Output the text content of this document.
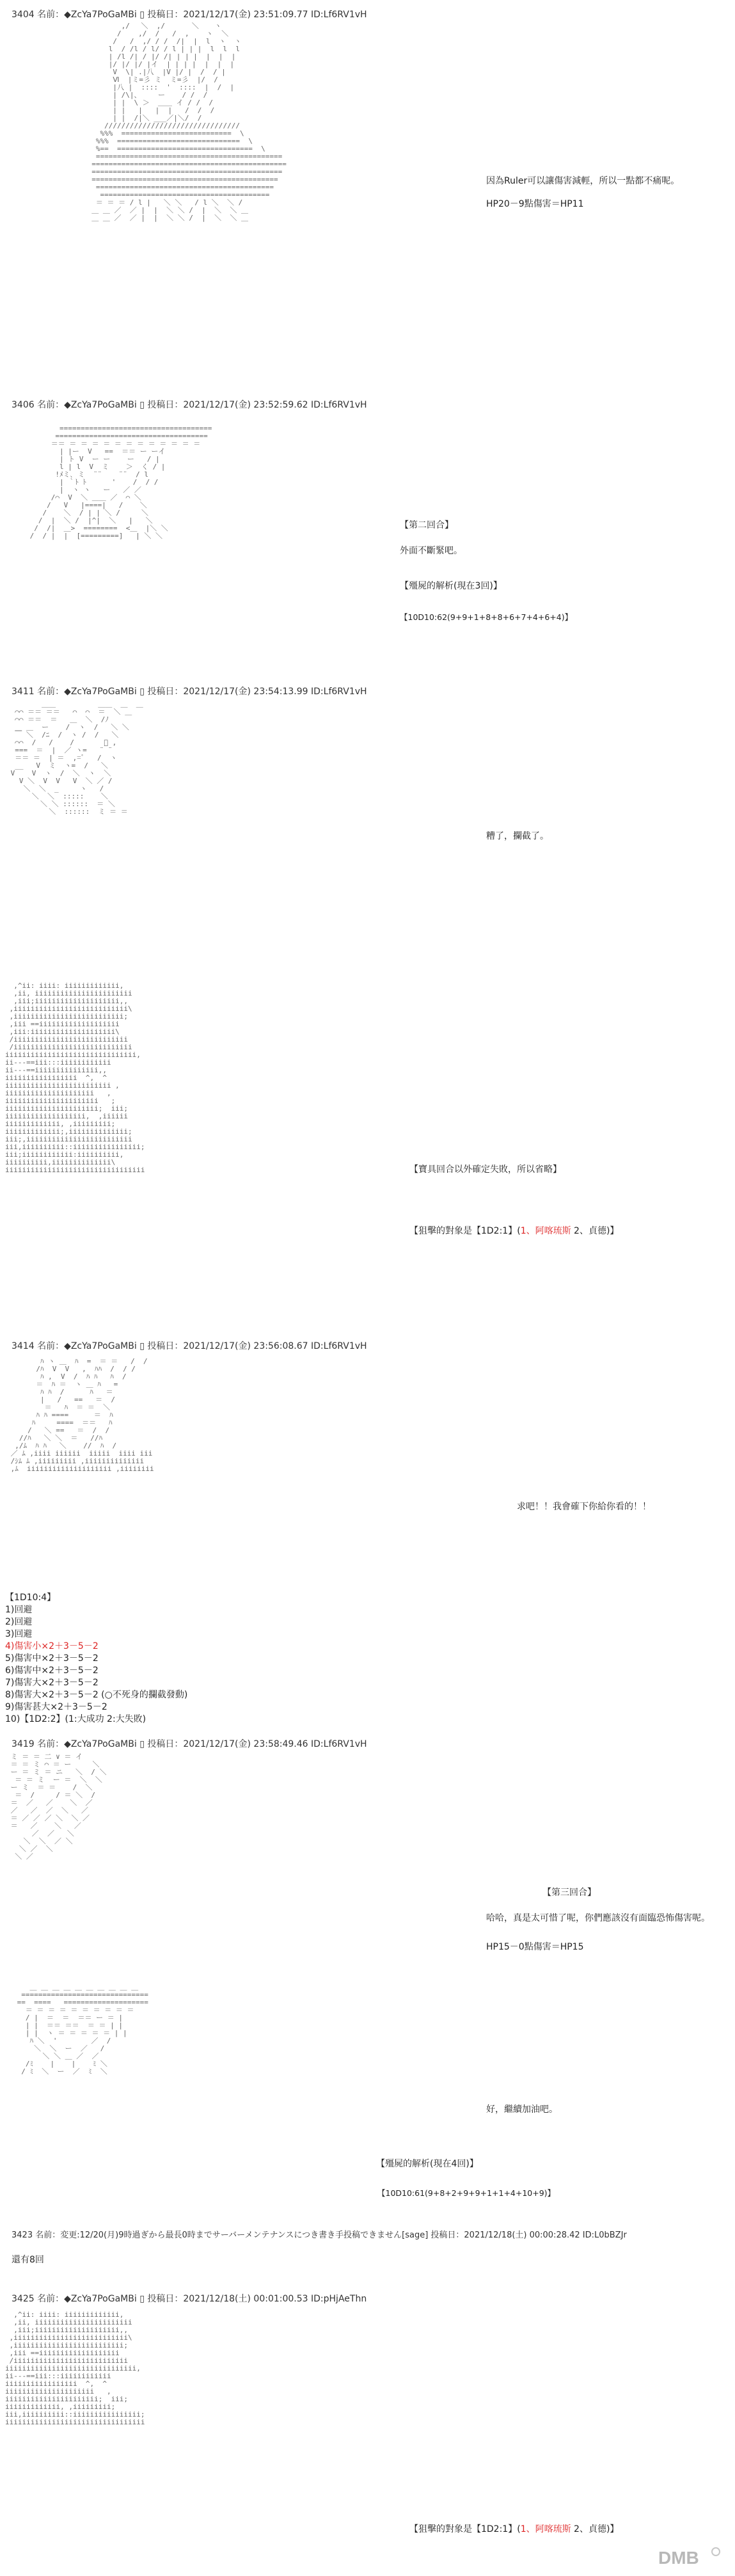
3404 名前：◆ZcYa7PoGaMBi ▯ 投稿日：2021/12/17(金) 23:51:09.77 ID:Lf6RV1vH
,/ ￣＼  ,/ ￣ ￣ ＼ ￣ ヽ
/    ,/  /   /  ,    ヽ  ＼
/   /  ,/ / /  /|  |  l  ヽ  ヽ
l  / /l / l/ / l | | |  l  l  l
| /l /| / |/ /| | | |  |  |  |
|/ |/ |/ |イ  | | | |  |  |  |
V  \| .|八  |V |/ |  /  / |
Ⅵ  |ミ=彡 ミ  ミ=彡  |/  /
|八 |  ::::  '  ::::  |  /  |
| /\|、    ー    / /  /
| |  \ ＞  ＿＿ イ / /  /
| |   |   |  |   /  /  /
| |  /|＼ ___／|＼/  /
////////////////////////////////
%%%  ==========================  \
%%%  =============================  \
%==  ================================  \
============================================
==============================================
=============================================
============================================
==========================================
========================================
＝ ＝ ＝ / l |   ＼ ＼   / l ＼  ＼ /
＿ ＿ ／  ／ |  |  ＼ ＼ /  |  ＼  ＼ ＿
＿ ＿ ／  ／ |  |  ＼ ＼ /  |  ＼  ＼ ＿
因為Ruler可以讓傷害減輕，所以一點都不痛呢。
HP20－9點傷害＝HP11
3406 名前：◆ZcYa7PoGaMBi ▯ 投稿日：2021/12/17(金) 23:52:59.62 ID:Lf6RV1vH
￣ ￣ ￣ ￣ ￣ ￣ ￣ ￣ ￣ ￣
====================================
====================================
＝＝ ＝ ＝ ＝ ＝ ＝ ＝ ＝ ＝ ＝ ＝ ＝ ＝
| |ー  V   ==  ＝＝ ー ーイ
| ト V  ー ー    ー   / |
l | l  V  ミ    ＞  く / |
!ﾒミ､ ミ  ¨¨    ¨¨  / l
| ｀ﾄ ﾄ      '    /  / /
|  ヽ ヽ   ー   ／ ／
/⌒  V  ＼ ＿＿ ／  ⌒ ＼
/   V   |====|   /    ＼
/    ＼  / | | ＼ /     ＼
/  |  ＼ /  |^|  ＼   |   ＼
/  /|  ＿>  ========  <＿  |＼ ＼
/  / |  |  [=========]   | ＼ ＼
【第二回合】
外面不斷緊吧。
【殭屍的解析(現在3回)】
【10D10:62(9+9+1+8+8+6+7+4+6+4)】
3411 名前：◆ZcYa7PoGaMBi ▯ 投稿日：2021/12/17(金) 23:54:13.99 ID:Lf6RV1vH
￣ ￣  ＿＿  ￣ ￣ ￣ ＿＿  ＿  ＿
⌒⌒ ＝＝ ＝＝   ⌒  ⌒  ＝  ＼ ＿
⌒⌒ ＝＝  ＝   ＿  ＼  /ﾉ
＿ ＿  ー    /  ヽ  /   ＼ ＼
￣ ＼  /ﾆ  /  ヽ /  /   ＼
⌒⌒  /   /    /       ﾞ ,
===  ＝  |  ／ ヽ=   ¨ ¨
＝＝ ＝  | ＝  ,=ﾞ   /  ヽ
__   V  ミ  ヽ=  /   ＼
V    V  ヽ  /  ＼  ヽ  ＼
V ＼  V  V   V  ＼ ／ /
＼  ＼  _     ヽ   /
＼  ＼  :::::    ＼
＼ ＼ ::::::  ＝ ＼
＼  ::::::  ミ ＝ ＝
糟了，攔截了。
,^ii: iiii: iiiiiiiiiiiii,
,ii, iiiiiiiiiiiiiiiiiiiiiii
,iii;iiiiiiiiiiiiiiiiiiii,,
,iiiiiiiiiiiiiiiiiiiiiiiiiii\
,iiiiiiiiiiiiiiiiiiiiiiiiii;
,iii ==iiiiiiiiiiiiiiiiiii
,iii:iiiiiiiiiiiiiiiiiiii\
/iiiiiiiiiiiiiiiiiiiiiiiiiii
/iiiiiiiiiiiiiiiiiiiiiiiiiiii
iiiiiiiiiiiiiiiiiiiiiiiiiiiiiii,
ii---==iii:::iiiiiiiiiiii
ii---==iiiiiiiiiiiiiii,,
iiiiiiiiiiiiiiiii  ^,  ^
iiiiiiiiiiiiiiiiiiiiiiiii ,
iiiiiiiiiiiiiiiiiiiii   ,
iiiiiiiiiiiiiiiiiiiiii   ;
iiiiiiiiiiiiiiiiiiiiii;  iii;
iiiiiiiiiiiiiiiiiii,  ,iiiiii
iiiiiiiiiiiii, ,iiiiiiiii;
iiiiiiiiiiiii;,iiiiiiiiiiiiii;
iii;,iiiiiiiiiiiiiiiiiiiiiiiii
iii,iiiiiiiiii::iiiiiiiiiiiiiiii;
iii;iiiiiiiiiiii:iiiiiiiiii,
iiiiiiiiii,iiiiiiiiiiiiii\
iiiiiiiiiiiiiiiiiiiiiiiiiiiiiiiii	【寶具回合以外確定失敗，所以省略】
【狙擊的對象是【1D2:1】(1、阿喀琉斯 2、貞德)】
3414 名前：◆ZcYa7PoGaMBi ▯ 投稿日：2021/12/17(金) 23:56:08.67 ID:Lf6RV1vH
ﾊ ヽ ＿  ﾊ  =  ＝ ＝   /  /
/ﾊ  V  V   ,  ﾊﾊ  /  / /
ﾊ ,  V  /  ﾊ ﾊ   ﾊ  /
＝  ﾊ ＝  ヽ ＿ ﾊ   =
ﾊ ﾊ  /      ﾊ   ＝
|   /   ==   ＝  /
＝   ﾊ  ＝ ＝  ＼
ﾊ ﾊ ====      ＝  ﾊ
ﾊ     ====  ＝＝   ﾊ
/   ＼ ==   ＝  /  /
//ﾊ   ＼ ＼  ＝   //ﾊ
,/ﾑ  ﾊ ﾊ   ＼    //  ﾊ  /
／ ﾑ ,iiii iiiiii  iiiii  iiii iii
/ｼﾑ ﾑ ,iiiiiiiii ,iiiiiiiiiiiiii
,ﾑ  iiiiiiiiiiiiiiiiiiii ,iiiiiiii
求吧！！我會確下你給你看的！！
【1D10:4】
1)回避
2)回避
3)回避
4)傷害小×2＋3－5－2
5)傷害中×2＋3－5－2
6)傷害中×2＋3－5－2
7)傷害大×2＋3－5－2
8)傷害大×2＋3－5－2 (○不死身的攔截發動)
9)傷害甚大×2＋3－5－2
10)【1D2:2】(1:大成功 2:大失敗)
3419 名前：◆ZcYa7PoGaMBi ▯ 投稿日：2021/12/17(金) 23:58:49.46 ID:Lf6RV1vH
ミ ＝ ＝ 二 ∨ ＝ イ
＝ ＝ ミ ⌒ ＝ ー     ＼
ー ＝ ミ ＝ ニ   ＼  / ＼
＝ ＝ ミ  ー ＝  ＼  ＼
ー ミ  ＝ ＝    /  ＼
＝  /     / ＝ ＼  /
＝  ／   ／    ＼  ／
／   ／  ／  ＼   ／
＝ ／ ／ ／ ＼  ＼ ／
＝   ／    ＼   ／
／  ／   ＼
＼  ＼  ／ ＼
＼ ／  ＼
＼ ／
【第三回合】
哈哈，真是太可惜了呢，你們應該沒有面臨恐怖傷害呢。
HP15－0點傷害＝HP15
＿ ＿ ＿ ＿ ＿ ＿ ＿ ＿ ＿ ＿
==============================
==  ====   ====================
＝ ＝ ＝ ＝ ＝ ＝ ＝ ＝ ＝ ＝
/ |  ＝  ＝  ＝＝ ー ＝ |
| |  ＝＝ ＝＝  ＝ ＝ | |
| |  ヽ ＝ ＝ ＝ ＝ ＝ | |
ﾊ ＼  '        ／  /
＼  ＼  ー  ／   /
＼ ＼ ＿ ／  ／
/ﾐ    |    |    ﾐ ＼
/ ﾐ  ＼  ー  ／  ﾐ  ＼
好，繼續加油吧。
【殭屍的解析(現在4回)】
【10D10:61(9+8+2+9+9+1+1+4+10+9)】
3423 名前：変更:12/20(月)9時過ぎから最長0時までサーバーメンテナンスにつき書き手投稿できません[sage] 投稿日：2021/12/18(土) 00:00:28.42 ID:L0bBZJr
還有8回
3425 名前：◆ZcYa7PoGaMBi ▯ 投稿日：2021/12/18(土) 00:01:00.53 ID:pHjAeThn
,^ii: iiii: iiiiiiiiiiiii,
,ii, iiiiiiiiiiiiiiiiiiiiiii
,iii;iiiiiiiiiiiiiiiiiiii,,
,iiiiiiiiiiiiiiiiiiiiiiiiiii\
,iiiiiiiiiiiiiiiiiiiiiiiiii;
,iii ==iiiiiiiiiiiiiiiiiii
/iiiiiiiiiiiiiiiiiiiiiiiiiii
iiiiiiiiiiiiiiiiiiiiiiiiiiiiiii,
ii---==iii:::iiiiiiiiiiii
iiiiiiiiiiiiiiiii  ^,  ^
iiiiiiiiiiiiiiiiiiiii   ,
iiiiiiiiiiiiiiiiiiiiii;  iii;
iiiiiiiiiiiii, ,iiiiiiiii;
iii,iiiiiiiiii::iiiiiiiiiiiiiiii;
iiiiiiiiiiiiiiiiiiiiiiiiiiiiiiiii
【狙擊的對象是【1D2:1】(1、阿喀琉斯 2、貞德)】
DMB
